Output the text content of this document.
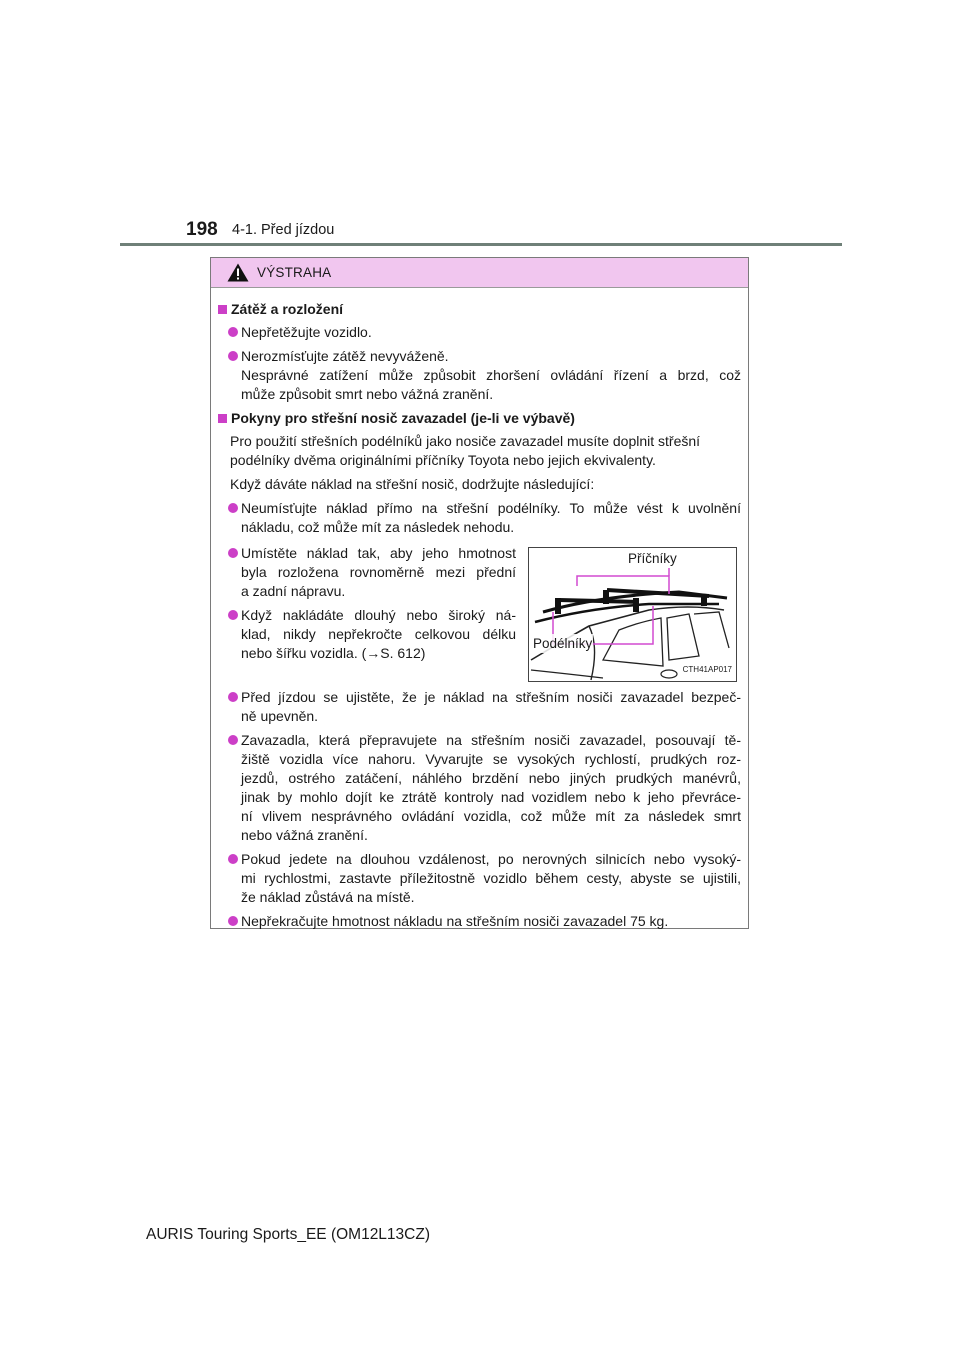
198 4-1. Před jízdou
VÝSTRAHA
Zátěž a rozložení
Nepřetěžujte vozidlo.
Nerozmísťujte zátěž nevyváženě.
Nesprávné zatížení může způsobit zhoršení ovládání řízení a brzd, což
může způsobit smrt nebo vážná zranění.
Pokyny pro střešní nosič zavazadel (je-li ve výbavě)
Pro použití střešních podélníků jako nosiče zavazadel musíte doplnit střešní
podélníky dvěma originálními příčníky Toyota nebo jejich ekvivalenty.
Když dáváte náklad na střešní nosič, dodržujte následující:
Neumísťujte náklad přímo na střešní podélníky. To může vést k uvolnění
nákladu, což může mít za následek nehodu.
Umístěte náklad tak, aby jeho hmotnost
byla rozložena rovnoměrně mezi přední
a zadní nápravu.
Když nakládáte dlouhý nebo široký ná-
klad, nikdy nepřekročte celkovou délku
nebo šířku vozidla. (→S. 612)
Příčníky
Podélníky
CTH41AP017
Před jízdou se ujistěte, že je náklad na střešním nosiči zavazadel bezpeč-
ně upevněn.
Zavazadla, která přepravujete na střešním nosiči zavazadel, posouvají tě-
žiště vozidla více nahoru. Vyvarujte se vysokých rychlostí, prudkých roz-
jezdů, ostrého zatáčení, náhlého brzdění nebo jiných prudkých manévrů,
jinak by mohlo dojít ke ztrátě kontroly nad vozidlem nebo k jeho převráce-
ní vlivem nesprávného ovládání vozidla, což může mít za následek smrt
nebo vážná zranění.
Pokud jedete na dlouhou vzdálenost, po nerovných silnicích nebo vysoký-
mi rychlostmi, zastavte příležitostně vozidlo během cesty, abyste se ujistili,
že náklad zůstává na místě.
Nepřekračujte hmotnost nákladu na střešním nosiči zavazadel 75 kg.
AURIS Touring Sports_EE (OM12L13CZ)
